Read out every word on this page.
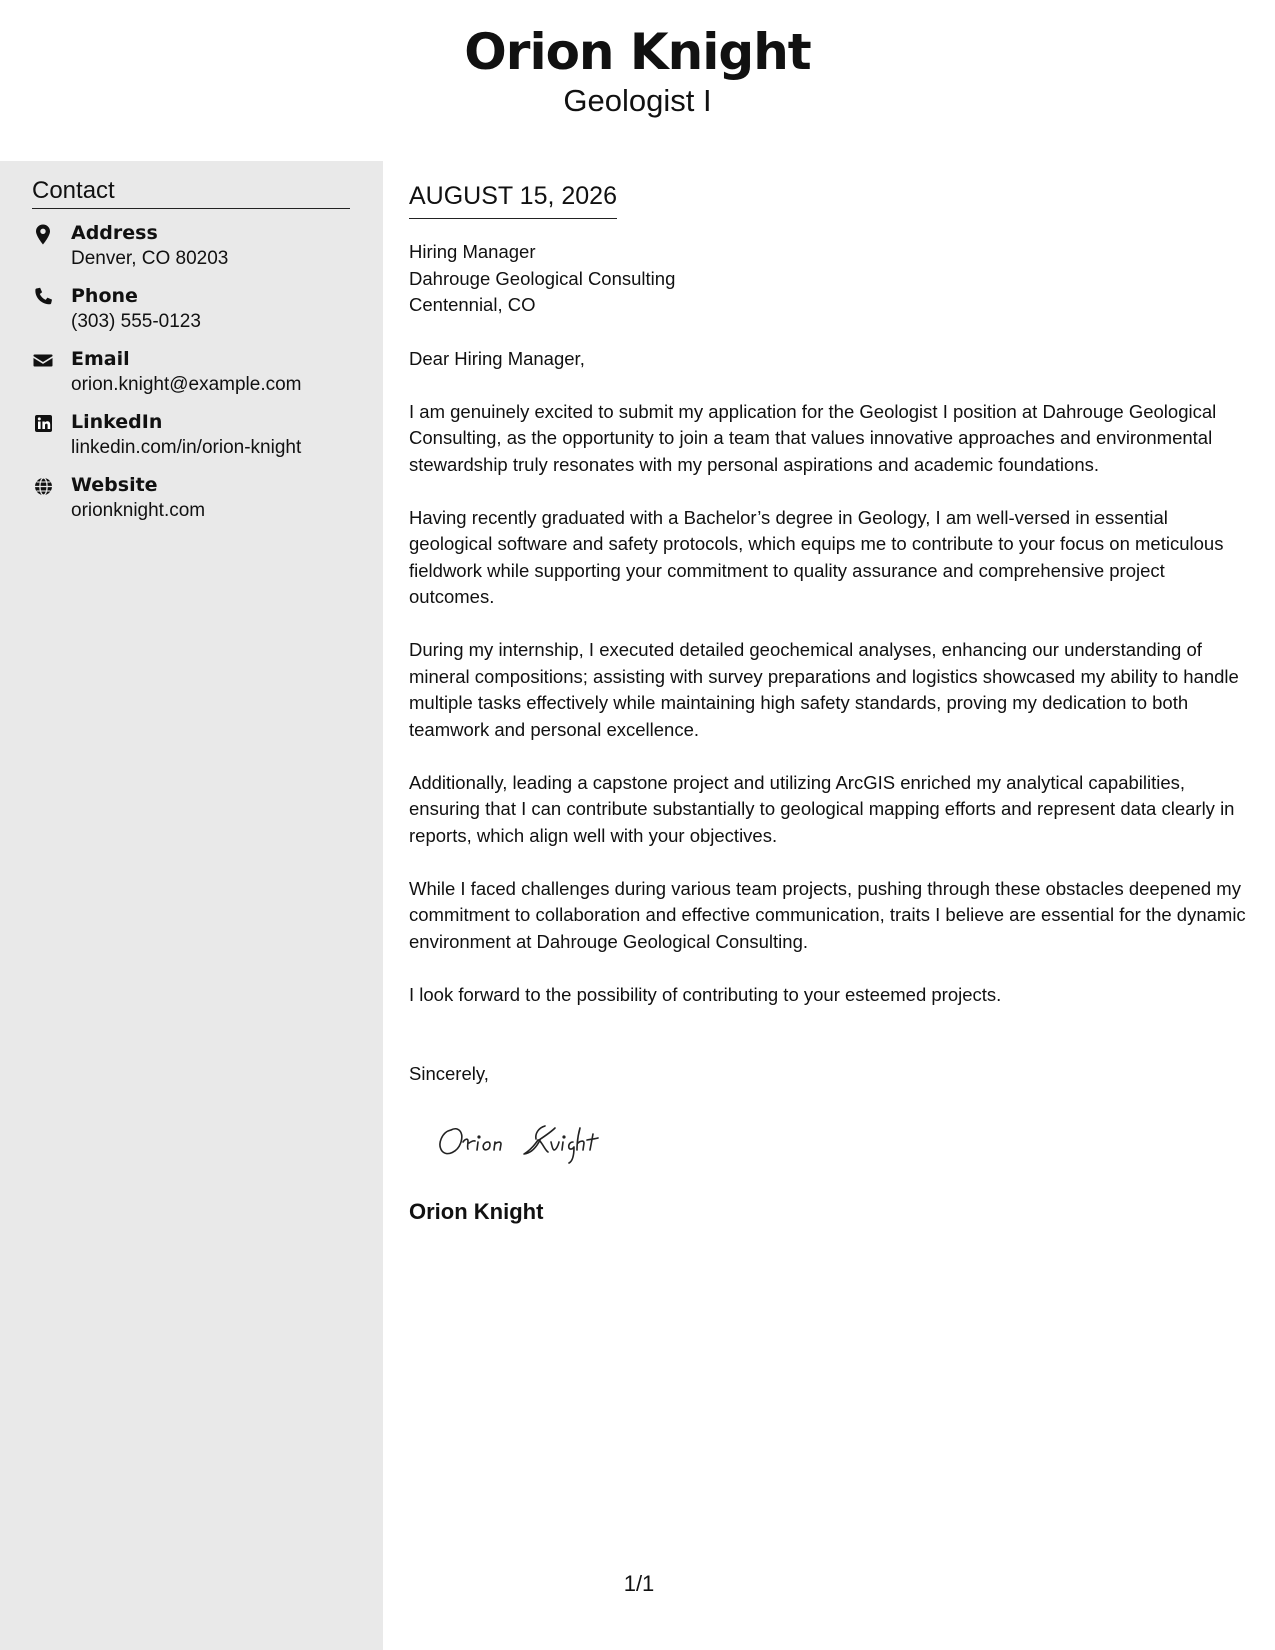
Orion Knight
Geologist I
Contact
Address
Denver, CO 80203
Phone
(303) 555-0123
Email
orion.knight@example.com
LinkedIn
linkedin.com/in/orion-knight
Website
orionknight.com
AUGUST 15, 2026
Hiring Manager
Dahrouge Geological Consulting
Centennial, CO
Dear Hiring Manager,
I am genuinely excited to submit my application for the Geologist I position at Dahrouge Geological Consulting, as the opportunity to join a team that values innovative approaches and environmental stewardship truly resonates with my personal aspirations and academic foundations.
Having recently graduated with a Bachelor’s degree in Geology, I am well-versed in essential geological software and safety protocols, which equips me to contribute to your focus on meticulous fieldwork while supporting your commitment to quality assurance and comprehensive project outcomes.
During my internship, I executed detailed geochemical analyses, enhancing our understanding of mineral compositions; assisting with survey preparations and logistics showcased my ability to handle multiple tasks effectively while maintaining high safety standards, proving my dedication to both teamwork and personal excellence.
Additionally, leading a capstone project and utilizing ArcGIS enriched my analytical capabilities, ensuring that I can contribute substantially to geological mapping efforts and represent data clearly in reports, which align well with your objectives.
While I faced challenges during various team projects, pushing through these obstacles deepened my commitment to collaboration and effective communication, traits I believe are essential for the dynamic environment at Dahrouge Geological Consulting.
I look forward to the possibility of contributing to your esteemed projects.
Sincerely,
Orion Knight
1/1
